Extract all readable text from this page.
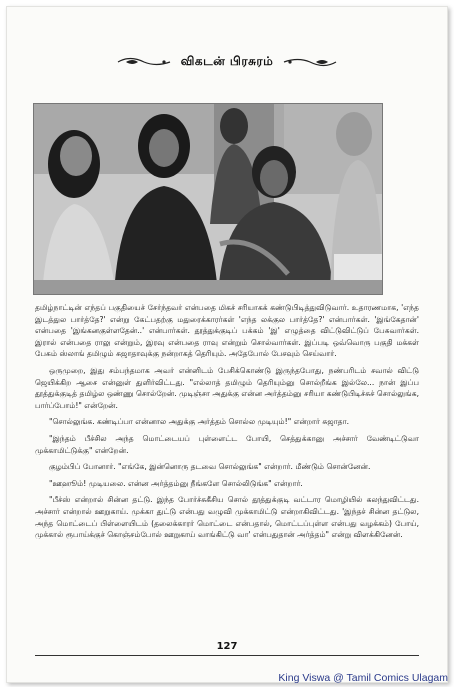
விகடன் பிரசுரம்

தமிழ்நாட்டின் எந்தப் பகுதியைச் சேர்ந்தவர் என்பதை மிகச் சரியாகக் கண்டுபிடித்துவிடுவார். உதாரணமாக, 'எந்த இடத்துல பார்த்தே?' என்று கேட்பதற்கு மதுரைக்காரர்கள் 'எந்த லக்குல பார்த்தே?' என்பார்கள். 'இங்கேதான்' என்பதை 'இங்கனகுள்ளதேன்..' என்பார்கள். தூத்துக்குடிப் பக்கம் 'இ' எழுத்தை விட்டுவிட்டுப் பேசுவார்கள். இரால் என்பதை ராலு என்றும், இரவு என்பதை ராவு என்றும் சொல்வார்கள். இப்படி ஒவ்வொரு பகுதி மக்கள் பேசும் ஸ்லாங் தமிழும் சுஜாதாவுக்கு நன்றாகத் தெரியும். அதேபோல் பேசவும் செய்வார்.

ஒருமுறை, இது சம்பந்தமாக அவர் என்னிடம் பேசிக்கொண்டு இருந்தபோது, நண்பரிடம் சவால் விட்டு ஜெயிக்கிற ஆசை என்னுள் துளிர்விட்டது. "எல்லாத் தமிழும் தெரியும்னு சொல்றீங்க இல்லே... நான் இப்ப தூத்துக்குடித் தமிழ்ல ஒண்ணு சொல்றேன். முடிஞ்சா அதுக்கு என்ன அர்த்தம்னு சரியா கண்டுபிடிச்சுச் சொல்லுங்க, பார்ப்போம்!" என்றேன்.

"சொல்லுங்க. கண்டிப்பா என்னால அதுக்கு அர்த்தம் சொல்ல முடியும்!" என்றார் சுஜாதா.

"இந்தம் பீச்சில அந்த மொட்டையப் புள்ளைட்ட போயி, செத்துக்கானு அச்சார் வேண்டிட்டுவா முக்காமிட்டுக்கு" என்றேன்.

குழம்பிப் போனார். "எங்கே, இன்னொரு தடவை சொல்லுங்க" என்றார். மீண்டும் சொன்னேன்.

"ஊஹூம்! முடியலை. என்ன அர்த்தம்னு நீங்களே சொல்லிடுங்க" என்றார்.

"பீச்ஸ் என்றால் சின்ன தட்டு. இந்த போர்ச்சுகீசிய சொல் தூத்துக்குடி வட்டார மொழியில் கலந்துவிட்டது. அச்சார் என்றால் ஊறுகாய். முக்கா துட்டு என்பது வழுவி முக்காமிட்டு என்றாகிவிட்டது. 'இந்தச் சின்ன தட்டுல, அந்த மொட்டைப் பிள்ளையிடம் (தலைக்காரர் மொட்டை என்பதால், மொட்டப்புள்ள என்பது வழக்கம்) போய், முக்கால் ரூபாய்க்குச் கொஞ்சம்போல் ஊறுகாய் வாங்கிட்டு வா' என்பதுதான் அர்த்தம்" என்று விளக்கினேன்.

127
King Viswa @ Tamil Comics Ulagam
